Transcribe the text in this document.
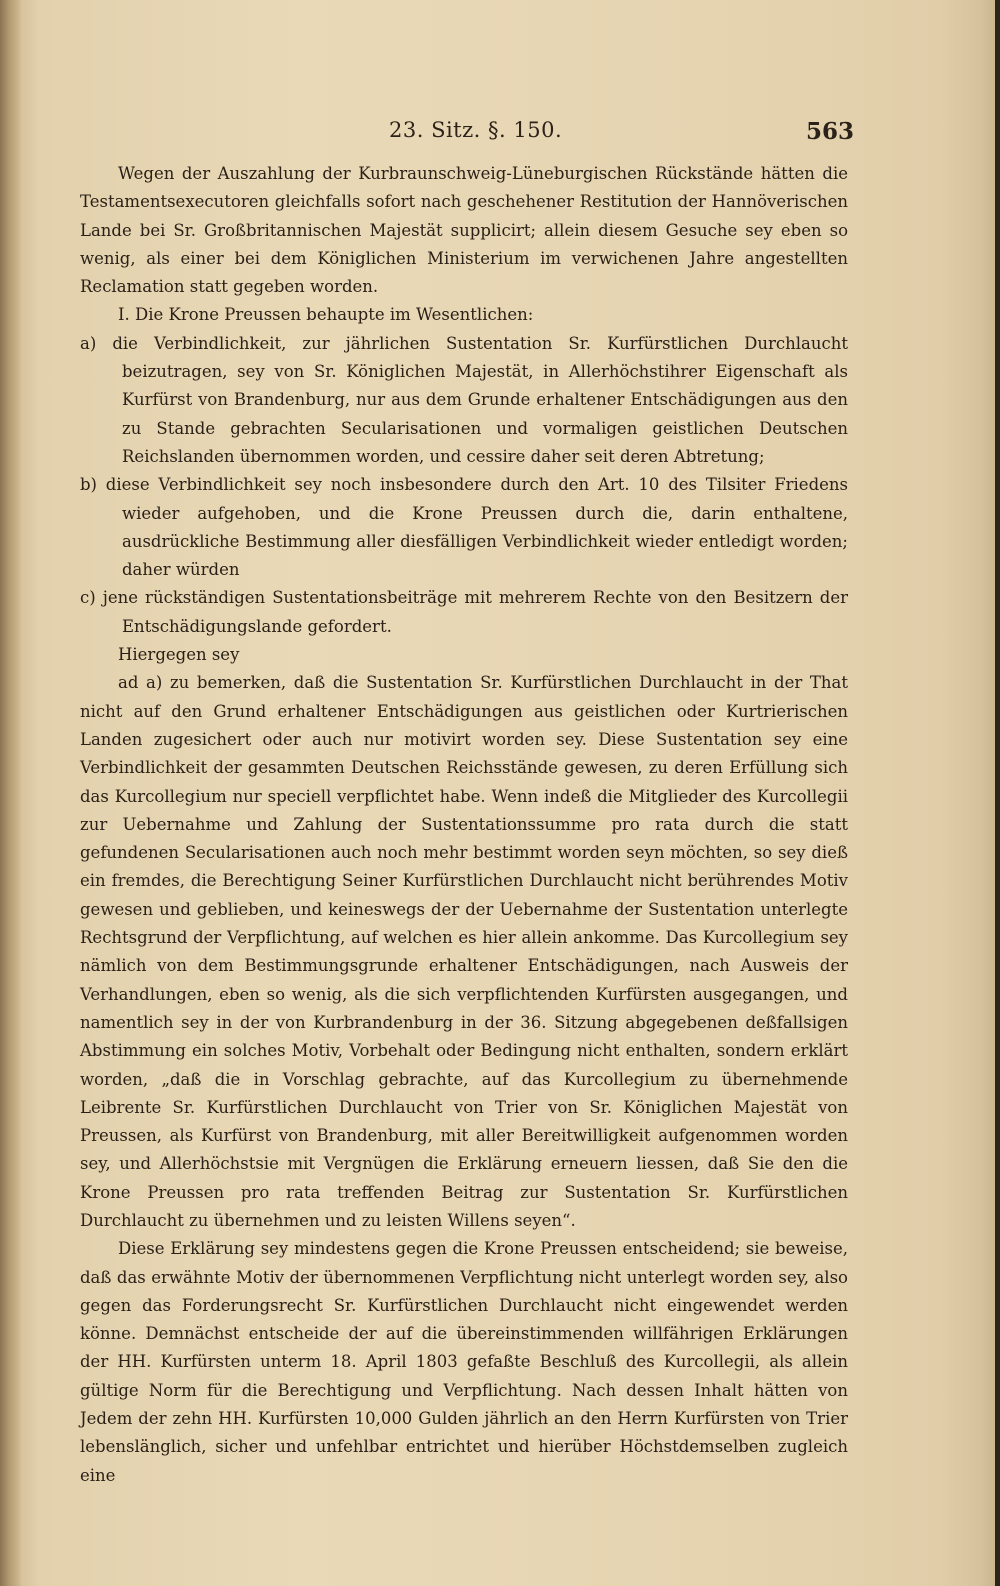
23. Sitz. §. 150.	563

Wegen der Auszahlung der Kurbraunschweig-Lüneburgischen Rückstände hätten die Testamentsexecutoren gleichfalls sofort nach geschehener Restitution der Hannöverischen Lande bei Sr. Großbritannischen Majestät supplicirt; allein diesem Gesuche sey eben so wenig, als einer bei dem Königlichen Ministerium im verwichenen Jahre angestellten Reclamation statt gegeben worden.

I. Die Krone Preussen behaupte im Wesentlichen:

a) die Verbindlichkeit, zur jährlichen Sustentation Sr. Kurfürstlichen Durchlaucht beizutragen, sey von Sr. Königlichen Majestät, in Allerhöchstihrer Eigenschaft als Kurfürst von Brandenburg, nur aus dem Grunde erhaltener Entschädigungen aus den zu Stande gebrachten Secularisationen und vormaligen geistlichen Deutschen Reichslanden übernommen worden, und cessire daher seit deren Abtretung;

b) diese Verbindlichkeit sey noch insbesondere durch den Art. 10 des Tilsiter Friedens wieder aufgehoben, und die Krone Preussen durch die, darin enthaltene, ausdrückliche Bestimmung aller diesfälligen Verbindlichkeit wieder entledigt worden; daher würden

c) jene rückständigen Sustentationsbeiträge mit mehrerem Rechte von den Besitzern der Entschädigungslande gefordert.

Hiergegen sey

ad a) zu bemerken, daß die Sustentation Sr. Kurfürstlichen Durchlaucht in der That nicht auf den Grund erhaltener Entschädigungen aus geistlichen oder Kurtrierischen Landen zugesichert oder auch nur motivirt worden sey. Diese Sustentation sey eine Verbindlichkeit der gesammten Deutschen Reichsstände gewesen, zu deren Erfüllung sich das Kurcollegium nur speciell verpflichtet habe. Wenn indeß die Mitglieder des Kurcollegii zur Uebernahme und Zahlung der Sustentationssumme pro rata durch die statt gefundenen Secularisationen auch noch mehr bestimmt worden seyn möchten, so sey dieß ein fremdes, die Berechtigung Seiner Kurfürstlichen Durchlaucht nicht berührendes Motiv gewesen und geblieben, und keineswegs der der Uebernahme der Sustentation unterlegte Rechtsgrund der Verpflichtung, auf welchen es hier allein ankomme. Das Kurcollegium sey nämlich von dem Bestimmungsgrunde erhaltener Entschädigungen, nach Ausweis der Verhandlungen, eben so wenig, als die sich verpflichtenden Kurfürsten ausgegangen, und namentlich sey in der von Kurbrandenburg in der 36. Sitzung abgegebenen deßfallsigen Abstimmung ein solches Motiv, Vorbehalt oder Bedingung nicht enthalten, sondern erklärt worden, „daß die in Vorschlag gebrachte, auf das Kurcollegium zu übernehmende Leibrente Sr. Kurfürstlichen Durchlaucht von Trier von Sr. Königlichen Majestät von Preussen, als Kurfürst von Brandenburg, mit aller Bereitwilligkeit aufgenommen worden sey, und Allerhöchstsie mit Vergnügen die Erklärung erneuern liessen, daß Sie den die Krone Preussen pro rata treffenden Beitrag zur Sustentation Sr. Kurfürstlichen Durchlaucht zu übernehmen und zu leisten Willens seyen“.

Diese Erklärung sey mindestens gegen die Krone Preussen entscheidend; sie beweise, daß das erwähnte Motiv der übernommenen Verpflichtung nicht unterlegt worden sey, also gegen das Forderungsrecht Sr. Kurfürstlichen Durchlaucht nicht eingewendet werden könne. Demnächst entscheide der auf die übereinstimmenden willfährigen Erklärungen der HH. Kurfürsten unterm 18. April 1803 gefaßte Beschluß des Kurcollegii, als allein gültige Norm für die Berechtigung und Verpflichtung. Nach dessen Inhalt hätten von Jedem der zehn HH. Kurfürsten 10,000 Gulden jährlich an den Herrn Kurfürsten von Trier lebenslänglich, sicher und unfehlbar entrichtet und hierüber Höchstdemselben zugleich eine
